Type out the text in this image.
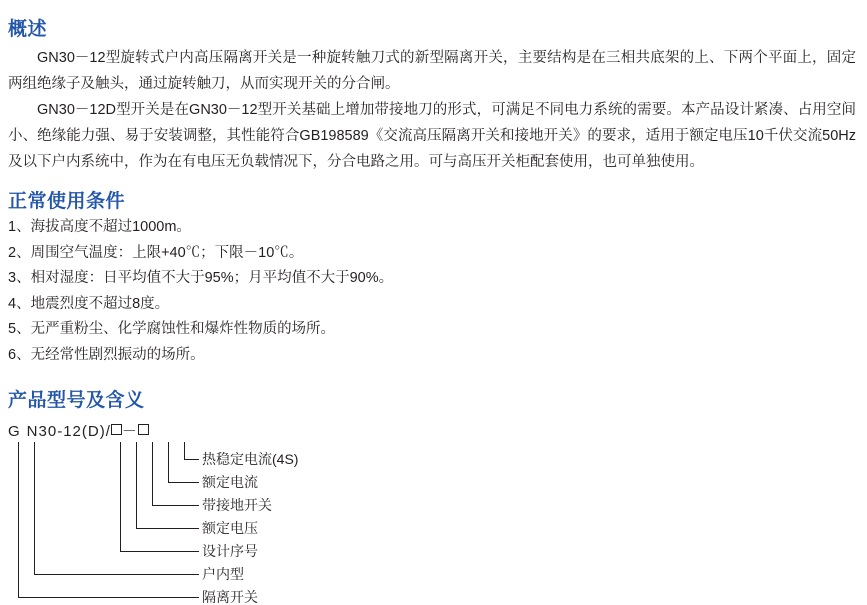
概述
GN30－12型旋转式户内高压隔离开关是一种旋转触刀式的新型隔离开关，主要结构是在三相共底架的上、下两个平面上，固定两组绝缘子及触头，通过旋转触刀，从而实现开关的分合闸。
GN30－12D型开关是在GN30－12型开关基础上增加带接地刀的形式，可满足不同电力系统的需要。本产品设计紧凑、占用空间小、绝缘能力强、易于安装调整，其性能符合GB198589《交流高压隔离开关和接地开关》的要求，适用于额定电压10千伏交流50Hz及以下户内系统中，作为在有电压无负载情况下，分合电路之用。可与高压开关柜配套使用，也可单独使用。
正常使用条件
1、海拔高度不超过1000m。
2、周围空气温度：上限+40℃；下限－10℃。
3、相对湿度：日平均值不大于95%；月平均值不大于90%。
4、地震烈度不超过8度。
5、无严重粉尘、化学腐蚀性和爆炸性物质的场所。
6、无经常性剧烈振动的场所。
产品型号及含义
G N30-12(D)/ －
热稳定电流(4S)
额定电流
带接地开关
额定电压
设计序号
户内型
隔离开关
